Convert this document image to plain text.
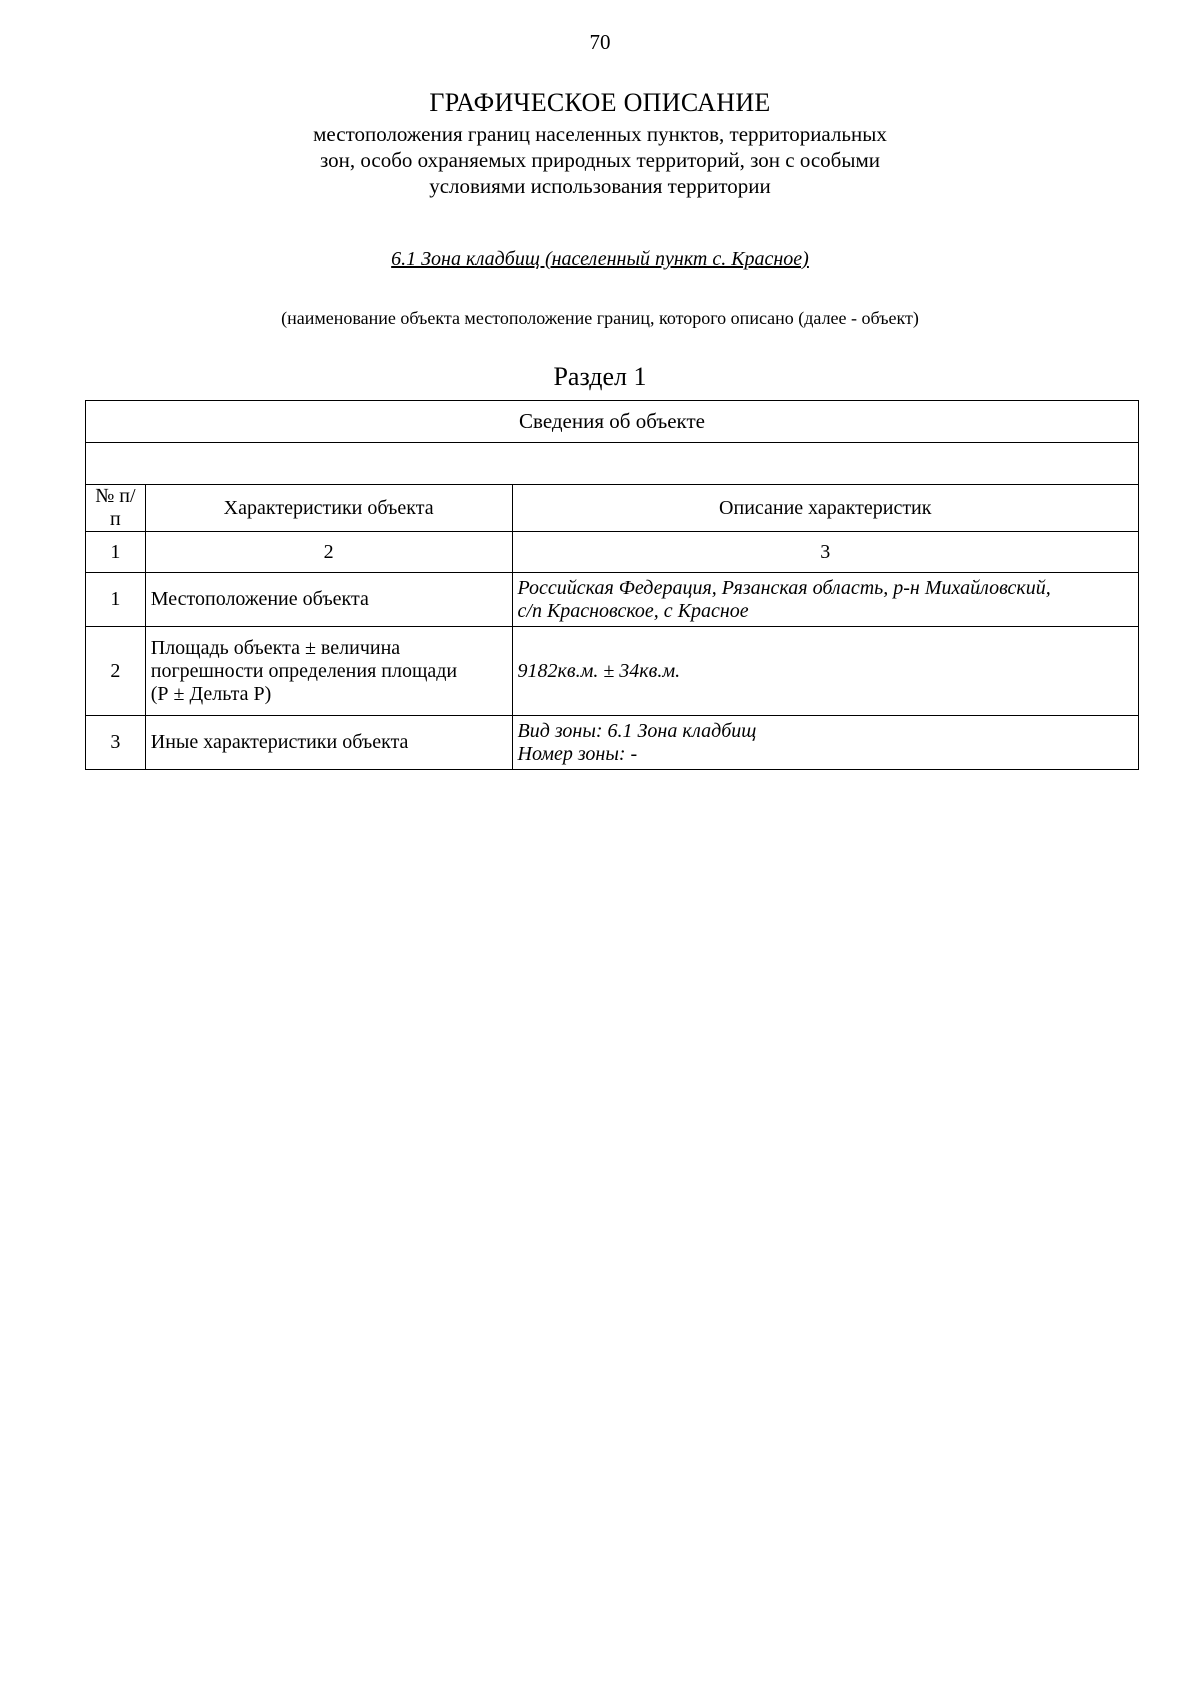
70
ГРАФИЧЕСКОЕ ОПИСАНИЕ
местоположения границ населенных пунктов, территориальных
зон, особо охраняемых природных территорий, зон с особыми
условиями использования территории
6.1 Зона кладбищ (населенный пункт с. Красное)
(наименование объекта местоположение границ, которого описано (далее - объект)
Раздел 1
Сведения об объекте		

№ п/п	Характеристики объекта	Описание характеристик
1	2	3
1	Местоположение объекта	Российская Федерация, Рязанская область, р-н Михайловский,
с/п Красновское, с Красное

2	Площадь объекта ± величина
погрешности определения площади
(Р ± Дельта Р)	9182кв.м. ± 34кв.м.

3	Иные характеристики объекта	Вид зоны: 6.1 Зона кладбищ
Номер зоны: -
